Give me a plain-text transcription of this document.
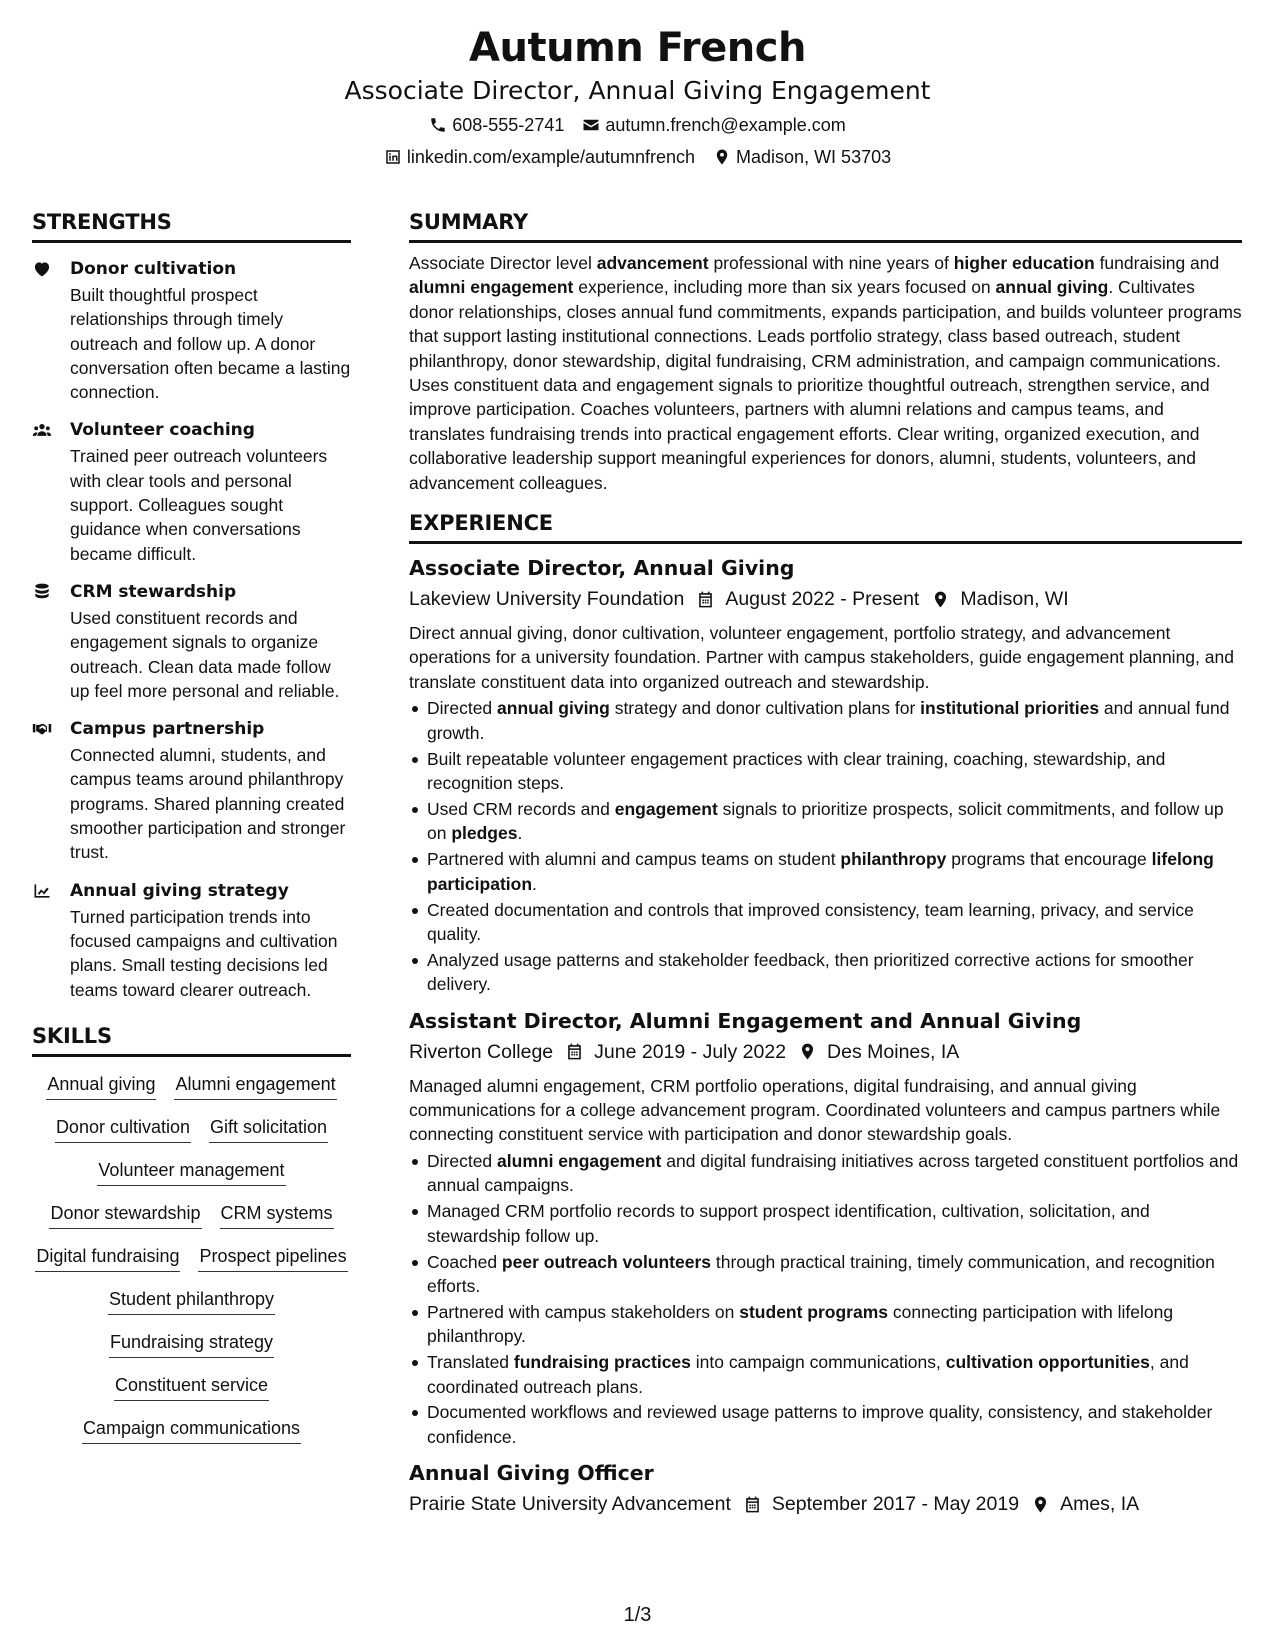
Autumn French
Associate Director, Annual Giving Engagement
608-555-2741 autumn.french@example.com
linkedin.com/example/autumnfrench Madison, WI 53703
STRENGTHS
Donor cultivation
Built thoughtful prospect relationships through timely outreach and follow up. A donor conversation often became a lasting connection.
Volunteer coaching
Trained peer outreach volunteers with clear tools and personal support. Colleagues sought guidance when conversations became difficult.
CRM stewardship
Used constituent records and engagement signals to organize outreach. Clean data made follow up feel more personal and reliable.
Campus partnership
Connected alumni, students, and campus teams around philanthropy programs. Shared planning created smoother participation and stronger trust.
Annual giving strategy
Turned participation trends into focused campaigns and cultivation plans. Small testing decisions led teams toward clearer outreach.
SKILLS
Annual giving Alumni engagement
Donor cultivation Gift solicitation
Volunteer management
Donor stewardship CRM systems
Digital fundraising Prospect pipelines
Student philanthropy
Fundraising strategy
Constituent service
Campaign communications
SUMMARY

Associate Director level advancement professional with nine years of higher education fundraising and alumni engagement experience, including more than six years focused on annual giving. Cultivates donor relationships, closes annual fund commitments, expands participation, and builds volunteer programs that support lasting institutional connections. Leads portfolio strategy, class based outreach, student philanthropy, donor stewardship, digital fundraising, CRM administration, and campaign communications. Uses constituent data and engagement signals to prioritize thoughtful outreach, strengthen service, and improve participation. Coaches volunteers, partners with alumni relations and campus teams, and translates fundraising trends into practical engagement efforts. Clear writing, organized execution, and collaborative leadership support meaningful experiences for donors, alumni, students, volunteers, and advancement colleagues.

EXPERIENCE
Associate Director, Annual Giving
Lakeview University Foundation August 2022 - Present Madison, WI

Direct annual giving, donor cultivation, volunteer engagement, portfolio strategy, and advancement operations for a university foundation. Partner with campus stakeholders, guide engagement planning, and translate constituent data into organized outreach and stewardship.

Directed annual giving strategy and donor cultivation plans for institutional priorities and annual fund growth.
Built repeatable volunteer engagement practices with clear training, coaching, stewardship, and recognition steps.
Used CRM records and engagement signals to prioritize prospects, solicit commitments, and follow up on pledges.
Partnered with alumni and campus teams on student philanthropy programs that encourage lifelong participation.
Created documentation and controls that improved consistency, team learning, privacy, and service quality.
Analyzed usage patterns and stakeholder feedback, then prioritized corrective actions for smoother delivery.
Assistant Director, Alumni Engagement and Annual Giving
Riverton College June 2019 - July 2022 Des Moines, IA

Managed alumni engagement, CRM portfolio operations, digital fundraising, and annual giving communications for a college advancement program. Coordinated volunteers and campus partners while connecting constituent service with participation and donor stewardship goals.

Directed alumni engagement and digital fundraising initiatives across targeted constituent portfolios and annual campaigns.
Managed CRM portfolio records to support prospect identification, cultivation, solicitation, and stewardship follow up.
Coached peer outreach volunteers through practical training, timely communication, and recognition efforts.
Partnered with campus stakeholders on student programs connecting participation with lifelong philanthropy.
Translated fundraising practices into campaign communications, cultivation opportunities, and coordinated outreach plans.
Documented workflows and reviewed usage patterns to improve quality, consistency, and stakeholder confidence.
Annual Giving Officer
Prairie State University Advancement September 2017 - May 2019 Ames, IA
1/3
